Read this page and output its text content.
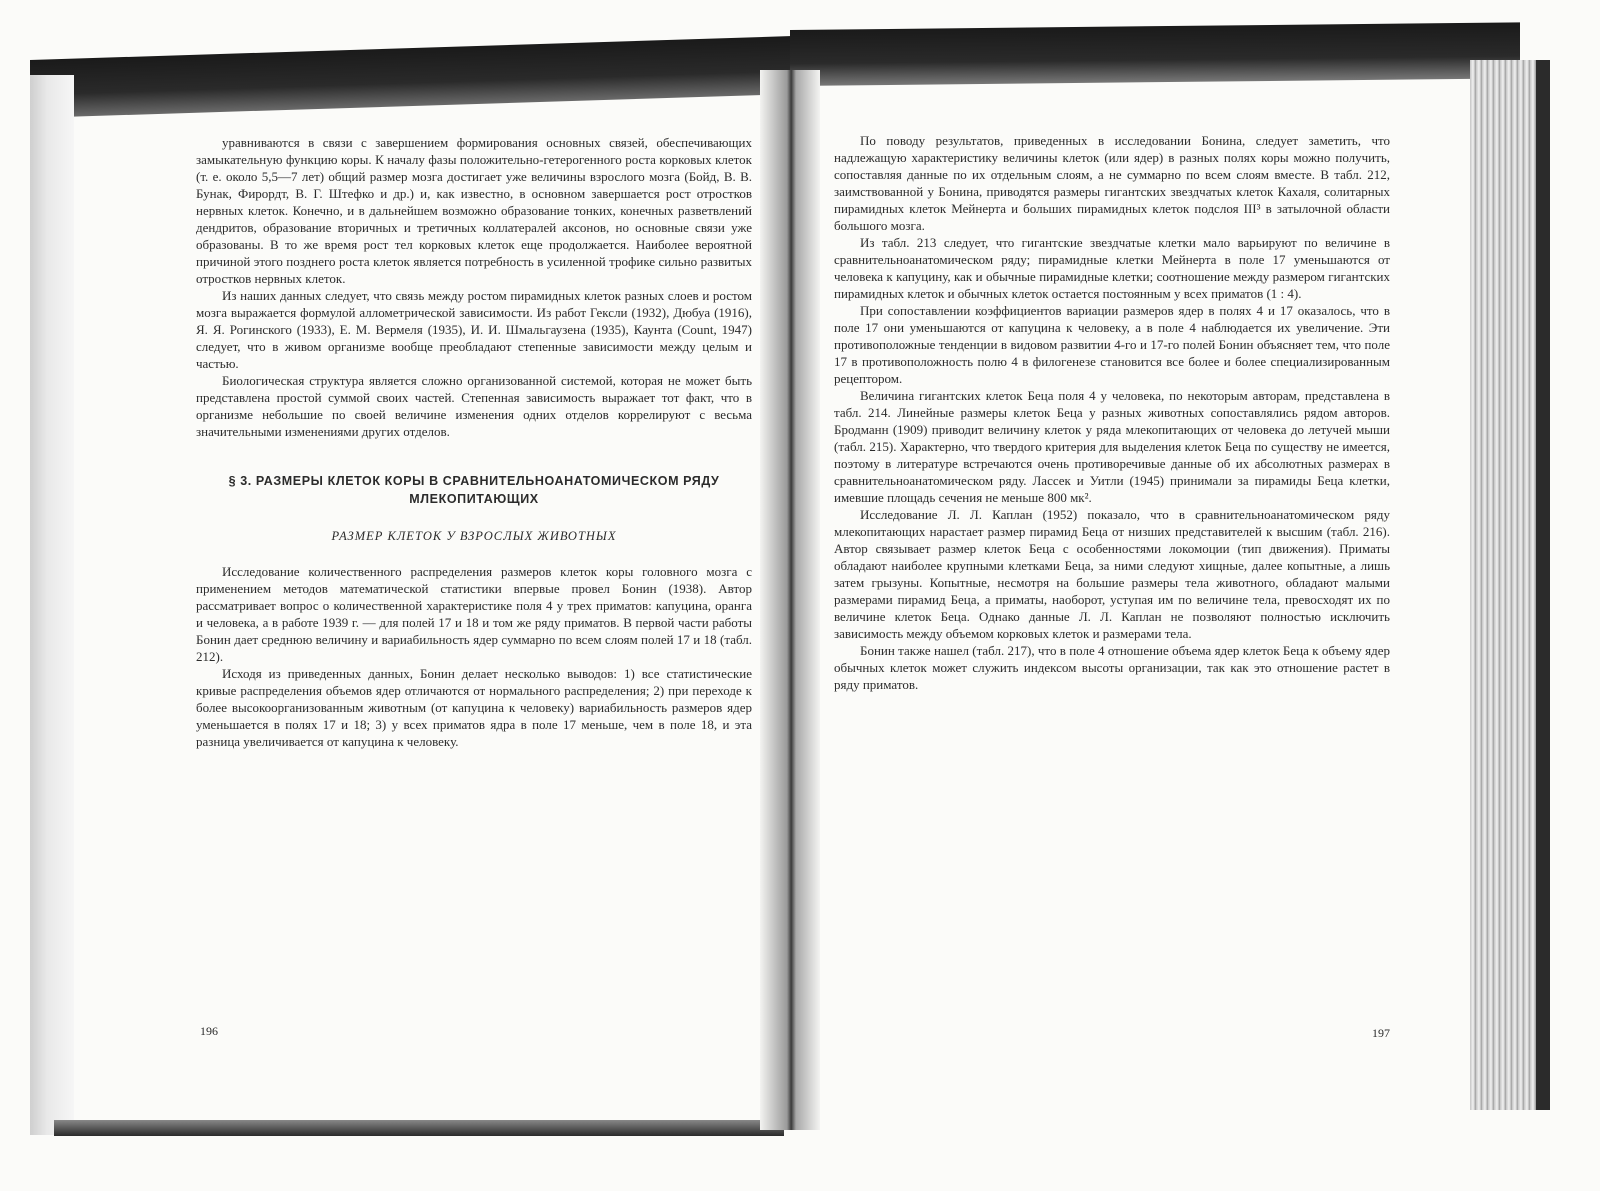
уравниваются в связи с завершением формирования основных связей, обеспечивающих замыкательную функцию коры. К началу фазы положительно-гетерогенного роста корковых клеток (т. е. около 5,5—7 лет) общий размер мозга достигает уже величины взрослого мозга (Бойд, В. В. Бунак, Фирордт, В. Г. Штефко и др.) и, как известно, в основном завершается рост отростков нервных клеток. Конечно, и в дальнейшем возможно образование тонких, конечных разветвлений дендритов, образование вторичных и третичных коллатералей аксонов, но основные связи уже образованы. В то же время рост тел корковых клеток еще продолжается. Наиболее вероятной причиной этого позднего роста клеток является потребность в усиленной трофике сильно развитых отростков нервных клеток.

Из наших данных следует, что связь между ростом пирамидных клеток разных слоев и ростом мозга выражается формулой аллометрической зависимости. Из работ Гексли (1932), Дюбуа (1916), Я. Я. Рогинского (1933), Е. М. Вермеля (1935), И. И. Шмальгаузена (1935), Каунта (Count, 1947) следует, что в живом организме вообще преобладают степенные зависимости между целым и частью.

Биологическая структура является сложно организованной системой, которая не может быть представлена простой суммой своих частей. Степенная зависимость выражает тот факт, что в организме небольшие по своей величине изменения одних отделов коррелируют с весьма значительными изменениями других отделов.

§ 3. РАЗМЕРЫ КЛЕТОК КОРЫ В СРАВНИТЕЛЬНОАНАТОМИЧЕСКОМ РЯДУ МЛЕКОПИТАЮЩИХ
РАЗМЕР КЛЕТОК У ВЗРОСЛЫХ ЖИВОТНЫХ

Исследование количественного распределения размеров клеток коры головного мозга с применением методов математической статистики впервые провел Бонин (1938). Автор рассматривает вопрос о количественной характеристике поля 4 у трех приматов: капуцина, оранга и человека, а в работе 1939 г. — для полей 17 и 18 и том же ряду приматов. В первой части работы Бонин дает среднюю величину и вариабильность ядер суммарно по всем слоям полей 17 и 18 (табл. 212).

Исходя из приведенных данных, Бонин делает несколько выводов: 1) все статистические кривые распределения объемов ядер отличаются от нормального распределения; 2) при переходе к более высокоорганизованным животным (от капуцина к человеку) вариабильность размеров ядер уменьшается в полях 17 и 18; 3) у всех приматов ядра в поле 17 меньше, чем в поле 18, и эта разница увеличивается от капуцина к человеку.

196

По поводу результатов, приведенных в исследовании Бонина, следует заметить, что надлежащую характеристику величины клеток (или ядер) в разных полях коры можно получить, сопоставляя данные по их отдельным слоям, а не суммарно по всем слоям вместе. В табл. 212, заимствованной у Бонина, приводятся размеры гигантских звездчатых клеток Кахаля, солитарных пирамидных клеток Мейнерта и больших пирамидных клеток подслоя III³ в затылочной области большого мозга.

Из табл. 213 следует, что гигантские звездчатые клетки мало варьируют по величине в сравнительноанатомическом ряду; пирамидные клетки Мейнерта в поле 17 уменьшаются от человека к капуцину, как и обычные пирамидные клетки; соотношение между размером гигантских пирамидных клеток и обычных клеток остается постоянным у всех приматов (1 : 4).

При сопоставлении коэффициентов вариации размеров ядер в полях 4 и 17 оказалось, что в поле 17 они уменьшаются от капуцина к человеку, а в поле 4 наблюдается их увеличение. Эти противоположные тенденции в видовом развитии 4-го и 17-го полей Бонин объясняет тем, что поле 17 в противоположность полю 4 в филогенезе становится все более и более специализированным рецептором.

Величина гигантских клеток Беца поля 4 у человека, по некоторым авторам, представлена в табл. 214. Линейные размеры клеток Беца у разных животных сопоставлялись рядом авторов. Бродманн (1909) приводит величину клеток у ряда млекопитающих от человека до летучей мыши (табл. 215). Характерно, что твердого критерия для выделения клеток Беца по существу не имеется, поэтому в литературе встречаются очень противоречивые данные об их абсолютных размерах в сравнительноанатомическом ряду. Лассек и Уитли (1945) принимали за пирамиды Беца клетки, имевшие площадь сечения не меньше 800 мк².

Исследование Л. Л. Каплан (1952) показало, что в сравнительноанатомическом ряду млекопитающих нарастает размер пирамид Беца от низших представителей к высшим (табл. 216). Автор связывает размер клеток Беца с особенностями локомоции (тип движения). Приматы обладают наиболее крупными клетками Беца, за ними следуют хищные, далее копытные, а лишь затем грызуны. Копытные, несмотря на большие размеры тела животного, обладают малыми размерами пирамид Беца, а приматы, наоборот, уступая им по величине тела, превосходят их по величине клеток Беца. Однако данные Л. Л. Каплан не позволяют полностью исключить зависимость между объемом корковых клеток и размерами тела.

Бонин также нашел (табл. 217), что в поле 4 отношение объема ядер клеток Беца к объему ядер обычных клеток может служить индексом высоты организации, так как это отношение растет в ряду приматов.

197
